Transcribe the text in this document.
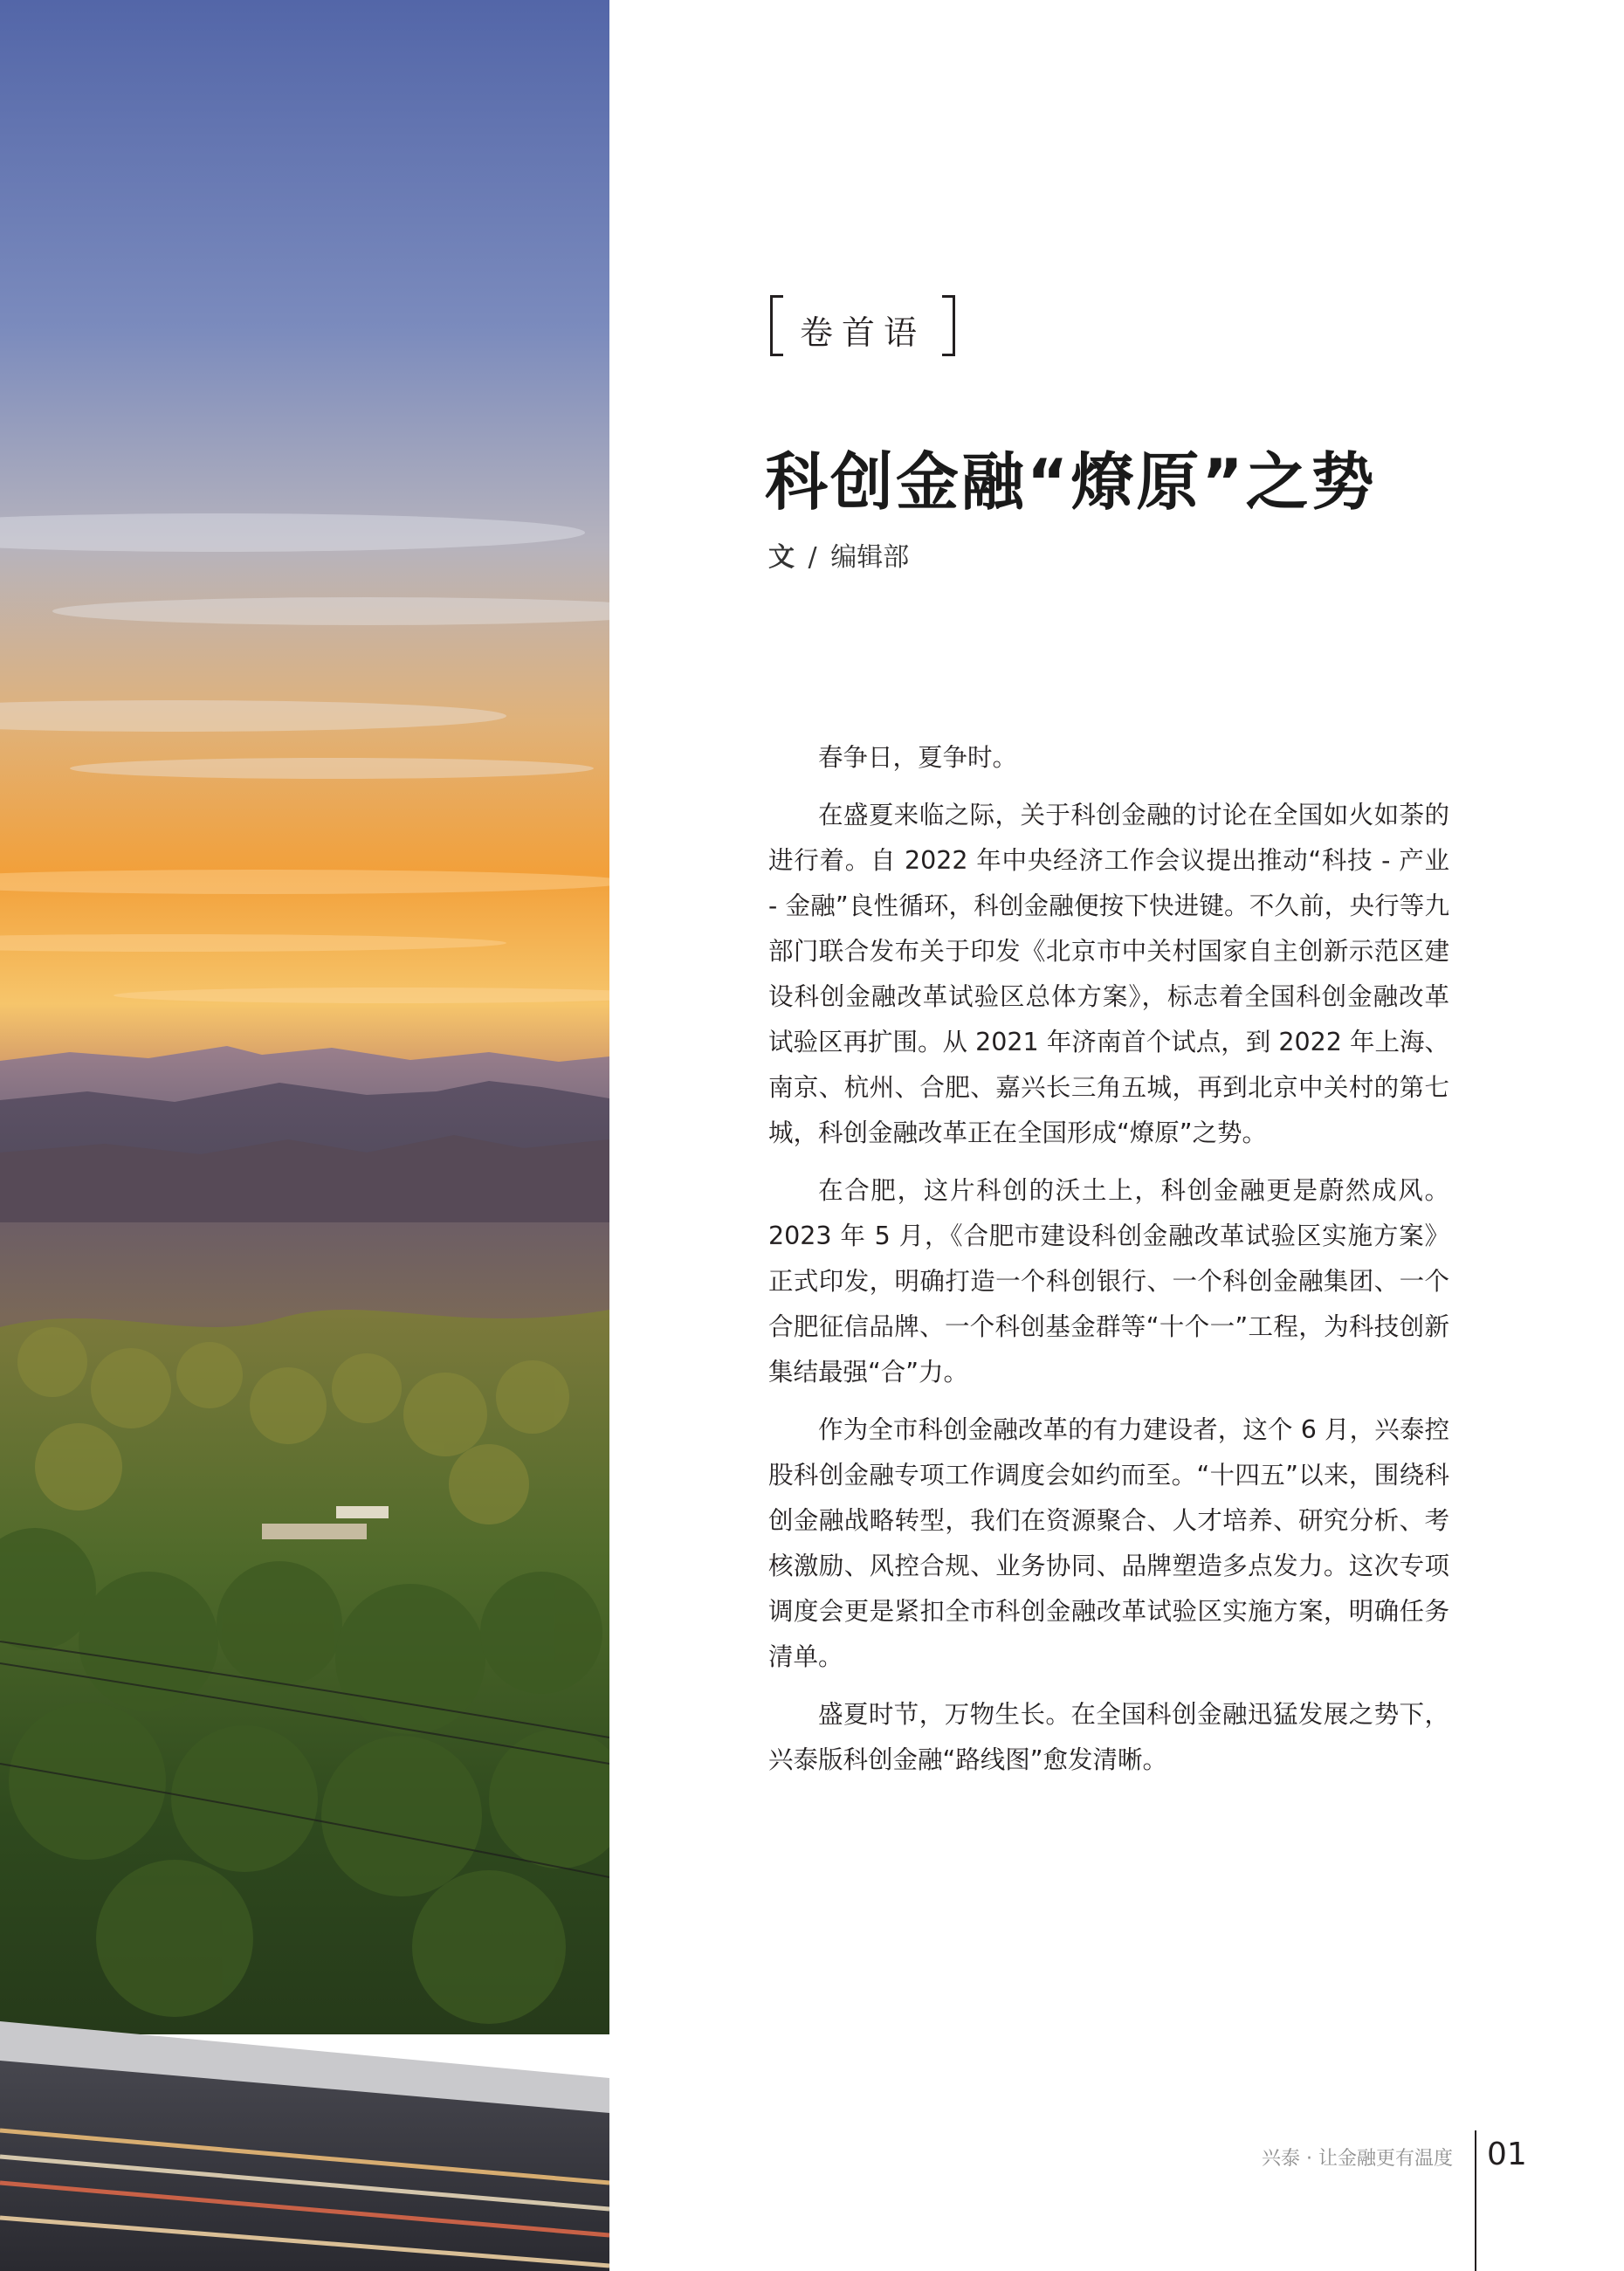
卷首语
科创金融“燎原”之势
文 / 编辑部

春争日，夏争时。

在盛夏来临之际，关于科创金融的讨论在全国如火如荼的进行着。自 2022 年中央经济工作会议提出推动“科技 - 产业 - 金融”良性循环，科创金融便按下快进键。不久前，央行等九部门联合发布关于印发《北京市中关村国家自主创新示范区建设科创金融改革试验区总体方案》，标志着全国科创金融改革试验区再扩围。从 2021 年济南首个试点，到 2022 年上海、南京、杭州、合肥、嘉兴长三角五城，再到北京中关村的第七城，科创金融改革正在全国形成“燎原”之势。

在合肥，这片科创的沃土上，科创金融更是蔚然成风。2023 年 5 月，《合肥市建设科创金融改革试验区实施方案》正式印发，明确打造一个科创银行、一个科创金融集团、一个合肥征信品牌、一个科创基金群等“十个一”工程，为科技创新集结最强“合”力。

作为全市科创金融改革的有力建设者，这个 6 月，兴泰控股科创金融专项工作调度会如约而至。“十四五”以来，围绕科创金融战略转型，我们在资源聚合、人才培养、研究分析、考核激励、风控合规、业务协同、品牌塑造多点发力。这次专项调度会更是紧扣全市科创金融改革试验区实施方案，明确任务清单。

盛夏时节，万物生长。在全国科创金融迅猛发展之势下，兴泰版科创金融“路线图”愈发清晰。

兴泰 · 让金融更有温度 01
